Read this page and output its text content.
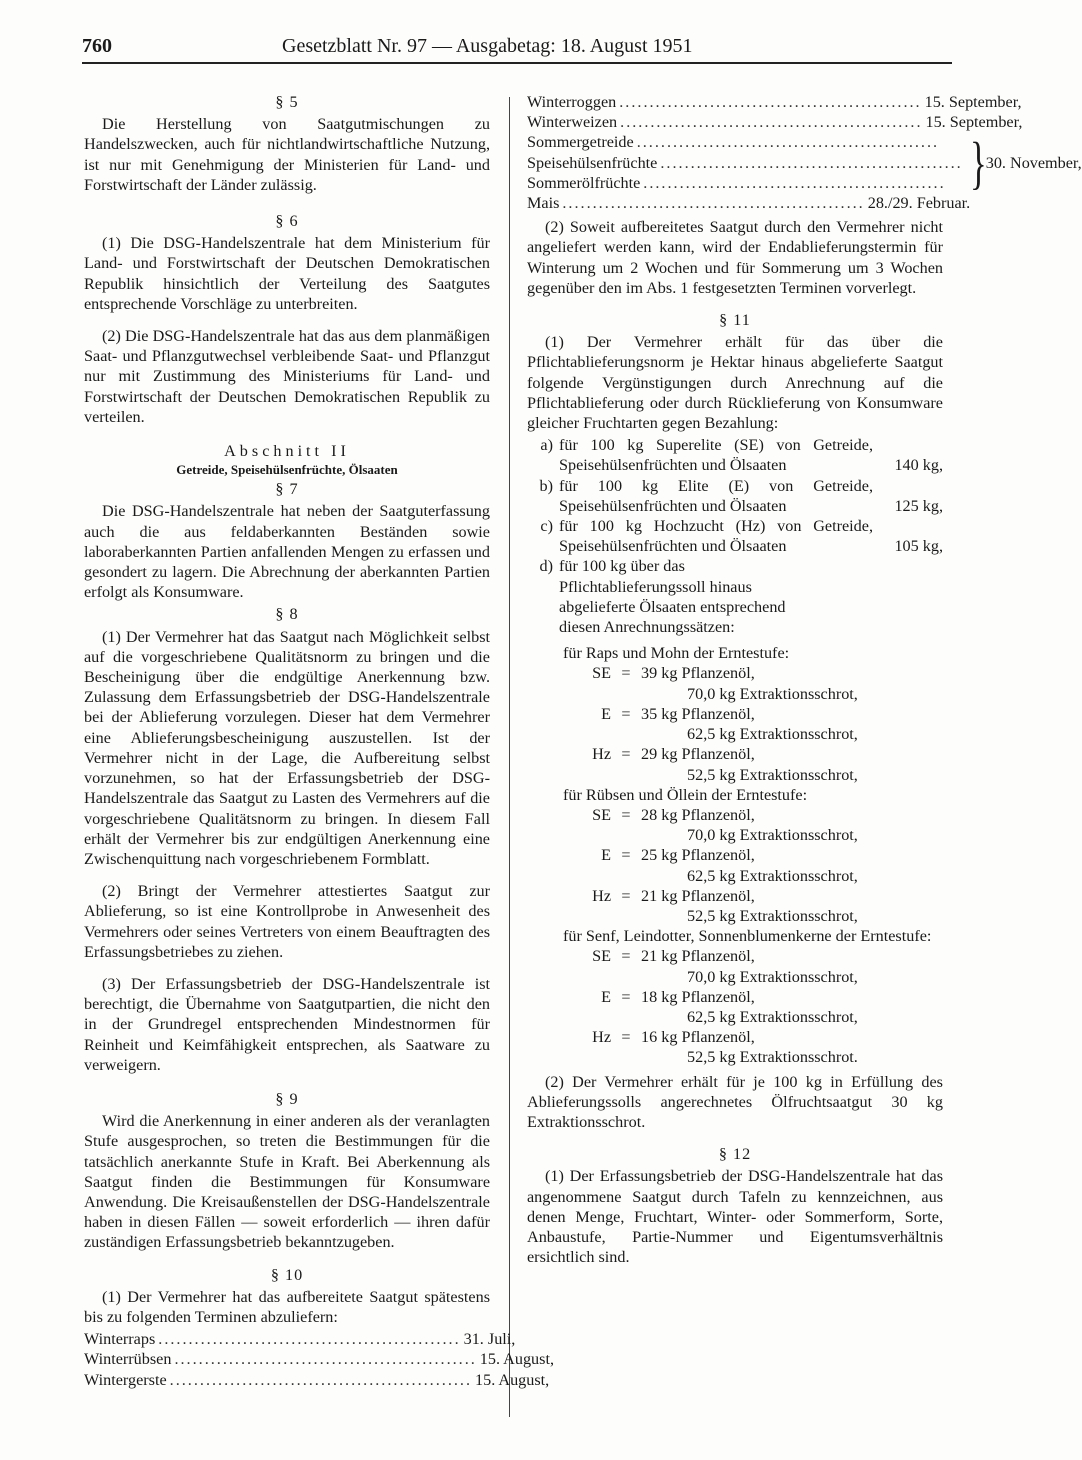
760	Gesetzblatt Nr. 97 — Ausgabetag: 18. August 1951
§ 5

Die Herstellung von Saatgutmischungen zu Handelszwecken, auch für nichtlandwirtschaftliche Nutzung, ist nur mit Genehmigung der Ministerien für Land- und Forstwirtschaft der Länder zulässig.

§ 6

(1) Die DSG-Handelszentrale hat dem Ministerium für Land- und Forstwirtschaft der Deutschen Demokratischen Republik hinsichtlich der Verteilung des Saatgutes entsprechende Vorschläge zu unterbreiten.

(2) Die DSG-Handelszentrale hat das aus dem planmäßigen Saat- und Pflanzgutwechsel verbleibende Saat- und Pflanzgut nur mit Zustimmung des Ministeriums für Land- und Forstwirtschaft der Deutschen Demokratischen Republik zu verteilen.

Abschnitt II
Getreide, Speisehülsenfrüchte, Ölsaaten
§ 7

Die DSG-Handelszentrale hat neben der Saatguterfassung auch die aus feldaberkannten Beständen sowie laboraberkannten Partien anfallenden Mengen zu erfassen und gesondert zu lagern. Die Abrechnung der aberkannten Partien erfolgt als Konsumware.

§ 8

(1) Der Vermehrer hat das Saatgut nach Möglichkeit selbst auf die vorgeschriebene Qualitätsnorm zu bringen und die Bescheinigung über die endgültige Anerkennung bzw. Zulassung dem Erfassungsbetrieb der DSG-Handelszentrale bei der Ablieferung vorzulegen. Dieser hat dem Vermehrer eine Ablieferungsbescheinigung auszustellen. Ist der Vermehrer nicht in der Lage, die Aufbereitung selbst vorzunehmen, so hat der Erfassungsbetrieb der DSG-Handelszentrale das Saatgut zu Lasten des Vermehrers auf die vorgeschriebene Qualitätsnorm zu bringen. In diesem Fall erhält der Vermehrer bis zur endgültigen Anerkennung eine Zwischenquittung nach vorgeschriebenem Formblatt.

(2) Bringt der Vermehrer attestiertes Saatgut zur Ablieferung, so ist eine Kontrollprobe in Anwesenheit des Vermehrers oder seines Vertreters von einem Beauftragten des Erfassungsbetriebes zu ziehen.

(3) Der Erfassungsbetrieb der DSG-Handelszentrale ist berechtigt, die Übernahme von Saatgutpartien, die nicht den in der Grundregel entsprechenden Mindestnormen für Reinheit und Keimfähigkeit entsprechen, als Saatware zu verweigern.

§ 9

Wird die Anerkennung in einer anderen als der veranlagten Stufe ausgesprochen, so treten die Bestimmungen für die tatsächlich anerkannte Stufe in Kraft. Bei Aberkennung als Saatgut finden die Bestimmungen für Konsumware Anwendung. Die Kreisaußenstellen der DSG-Handelszentrale haben in diesen Fällen — soweit erforderlich — ihren dafür zuständigen Erfassungsbetrieb bekanntzugeben.

§ 10

(1) Der Vermehrer hat das aufbereitete Saatgut spätestens bis zu folgenden Terminen abzuliefern:

Winterraps .................................................. 31. Juli,
Winterrübsen .................................................. 15. August,
Wintergerste .................................................. 15. August,
Winterroggen .................................................. 15. September,
Winterweizen .................................................. 15. September,
Sommergetreide ..................................................
Speisehülsenfrüchte ..................................................
Sommerölfrüchte .................................................. } 30. November,
Mais .................................................. 28./29. Februar.

(2) Soweit aufbereitetes Saatgut durch den Vermehrer nicht angeliefert werden kann, wird der Endablieferungstermin für Winterung um 2 Wochen und für Sommerung um 3 Wochen gegenüber den im Abs. 1 festgesetzten Terminen vorverlegt.

§ 11

(1) Der Vermehrer erhält für das über die Pflichtablieferungsnorm je Hektar hinaus abgelieferte Saatgut folgende Vergünstigungen durch Anrechnung auf die Pflichtablieferung oder durch Rücklieferung von Konsumware gleicher Fruchtarten gegen Bezahlung:

a) für 100 kg Superelite (SE) von Getreide, Speisehülsenfrüchten und Ölsaaten	140 kg,
b) für 100 kg Elite (E) von Getreide, Speisehülsenfrüchten und Ölsaaten	125 kg,
c) für 100 kg Hochzucht (Hz) von Getreide, Speisehülsenfrüchten und Ölsaaten	105 kg,
d) für 100 kg über das Pflichtablieferungssoll hinaus abgelieferte Ölsaaten entsprechend diesen Anrechnungssätzen:
für Raps und Mohn der Erntestufe:
SE = 39 kg Pflanzenöl,
70,0 kg Extraktionsschrot,
E = 35 kg Pflanzenöl,
62,5 kg Extraktionsschrot,
Hz = 29 kg Pflanzenöl,
52,5 kg Extraktionsschrot,
für Rübsen und Öllein der Erntestufe:
SE = 28 kg Pflanzenöl,
70,0 kg Extraktionsschrot,
E = 25 kg Pflanzenöl,
62,5 kg Extraktionsschrot,
Hz = 21 kg Pflanzenöl,
52,5 kg Extraktionsschrot,
für Senf, Leindotter, Sonnenblumenkerne der Erntestufe:
SE = 21 kg Pflanzenöl,
70,0 kg Extraktionsschrot,
E = 18 kg Pflanzenöl,
62,5 kg Extraktionsschrot,
Hz = 16 kg Pflanzenöl,
52,5 kg Extraktionsschrot.

(2) Der Vermehrer erhält für je 100 kg in Erfüllung des Ablieferungssolls angerechnetes Ölfruchtsaatgut 30 kg Extraktionsschrot.

§ 12

(1) Der Erfassungsbetrieb der DSG-Handelszentrale hat das angenommene Saatgut durch Tafeln zu kennzeichnen, aus denen Menge, Fruchtart, Winter- oder Sommerform, Sorte, Anbaustufe, Partie-Nummer und Eigentumsverhältnis ersichtlich sind.
